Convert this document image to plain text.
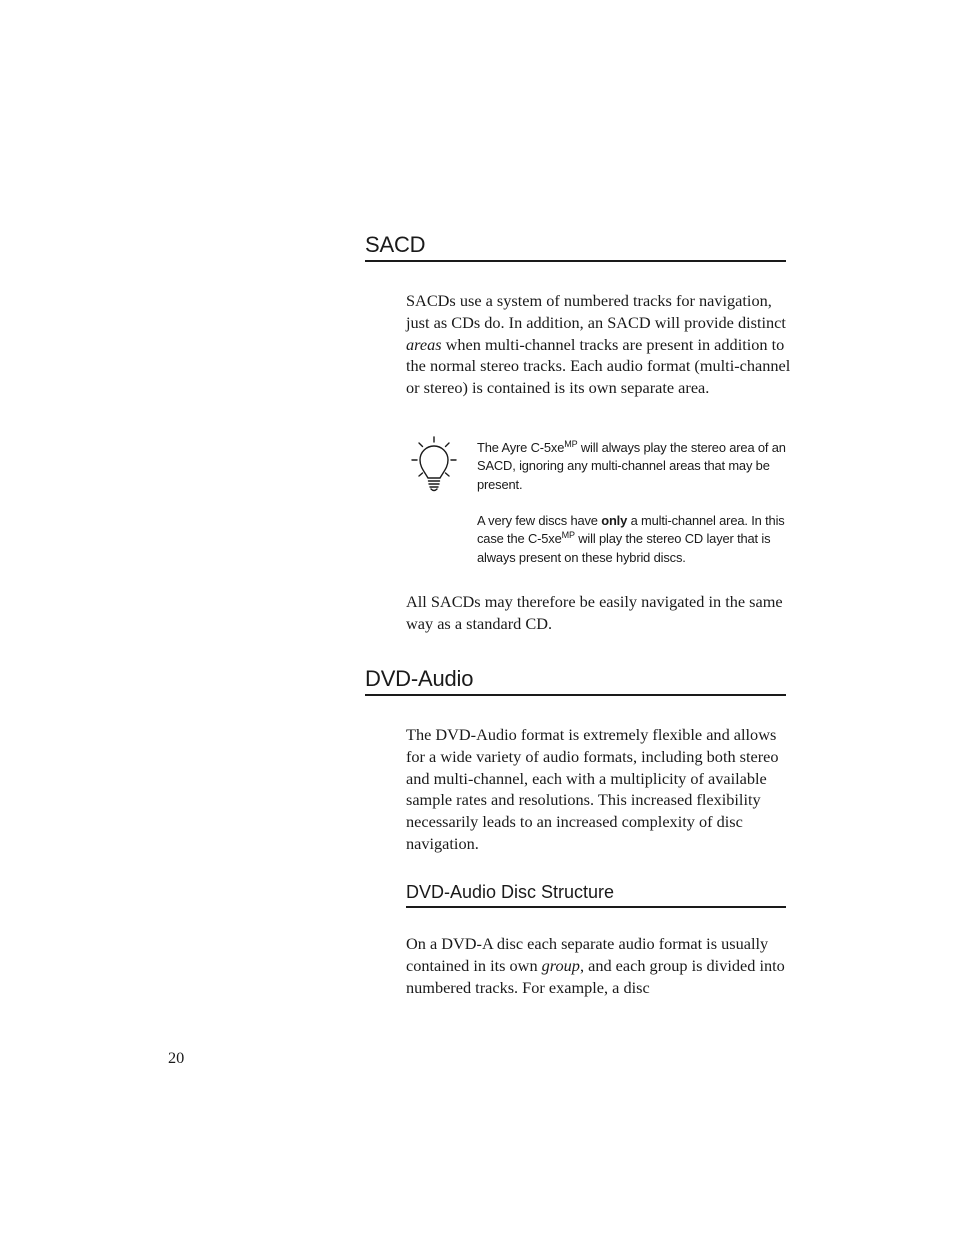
SACD

SACDs use a system of numbered tracks for navigation, just as CDs do. In addition, an SACD will provide distinct areas when multi-channel tracks are present in addition to the normal stereo tracks. Each audio format (multi-channel or stereo) is contained is its own separate area.

The Ayre $C-5xe^{MP}$ will always play the stereo area of an SACD, ignoring any multi-channel areas that may be present.

A very few discs have only a multi-channel area. In this case the $C-5xe^{MP}$ will play the stereo CD layer that is always present on these hybrid discs.

All SACDs may therefore be easily navigated in the same way as a standard CD.

DVD-Audio

The DVD-Audio format is extremely flexible and allows for a wide variety of audio formats, including both stereo and multi-channel, each with a multiplicity of available sample rates and resolutions. This increased flexibility necessarily leads to an increased complexity of disc navigation.

DVD-Audio Disc Structure

On a DVD-A disc each separate audio format is usually contained in its own group, and each group is divided into numbered tracks. For example, a disc

20
